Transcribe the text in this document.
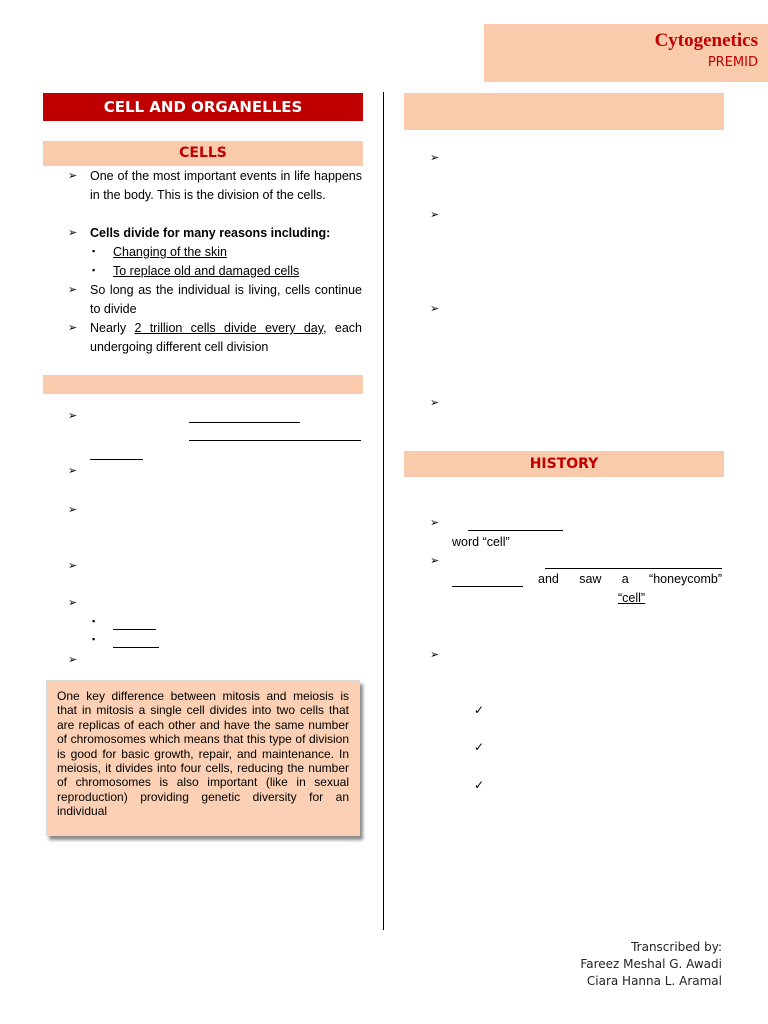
Cytogenetics
PREMID
CELL AND ORGANELLES
CELLS
➢ One of the most important events in life happens in the body. This is the division of the cells.
➢ Cells divide for many reasons including:
▪ Changing of the skin
▪ To replace old and damaged cells
➢ So long as the individual is living, cells continue to divide
➢ Nearly 2 trillion cells divide every day, each undergoing different cell division
➢
➢
➢
➢
➢
▪
▪
➢
One key difference between mitosis and meiosis is that in mitosis a single cell divides into two cells that are replicas of each other and have the same number of chromosomes which means that this type of division is good for basic growth, repair, and maintenance. In meiosis, it divides into four cells, reducing the number of chromosomes is also important (like in sexual reproduction) providing genetic diversity for an individual
➢
➢
➢
➢
HISTORY
➢
word “cell”
➢
and saw a “honeycomb”
“cell”
➢
✓
✓
✓
Transcribed by:
Fareez Meshal G. Awadi
Ciara Hanna L. Aramal
